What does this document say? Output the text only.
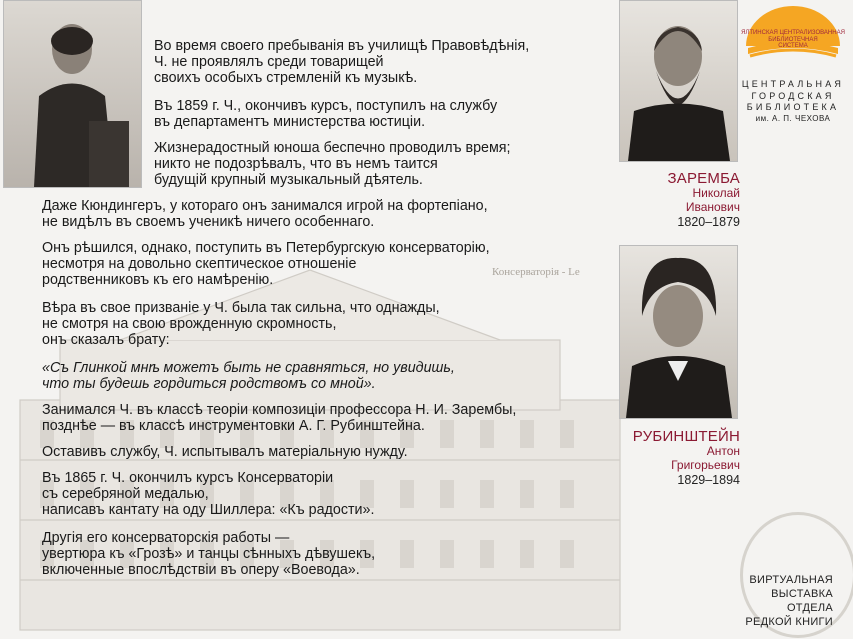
Консерваторія - Le
ЗАРЕМБА
Николай
Иванович
1820–1879
РУБИНШТЕЙН
Антон
Григорьевич
1829–1894
ЯЛТИНСКАЯ ЦЕНТРАЛИЗОВАННАЯ
БИБЛИОТЕЧНАЯ
СИСТЕМА
ЦЕНТРАЛЬНАЯ
ГОРОДСКАЯ
БИБЛИОТЕКА
им. А. П. ЧЕХОВА
ВИРТУАЛЬНАЯ
ВЫСТАВКА
ОТДЕЛА
РЕДКОЙ КНИГИ
Во время своего пребыванія въ училищѣ Правовѣдѣнія,
Ч. не проявлялъ среди товарищей
своихъ особыхъ стремленій къ музыкѣ.
Въ 1859 г. Ч., окончивъ курсъ, поступилъ на службу
въ департаментъ министерства юстиціи.
Жизнерадостный юноша беспечно проводилъ время;
никто не подозрѣвалъ, что въ немъ таится
будущій крупный музыкальный дѣятель.
Даже Кюндингеръ, у котораго онъ занимался игрой на фортепіано,
не видѣлъ въ своемъ ученикѣ ничего особеннаго.
Онъ рѣшился, однако, поступить въ Петербургскую консерваторію,
несмотря на довольно скептическое отношеніе
родственниковъ къ его намѣренію.
Вѣра въ свое призваніе у Ч. была так сильна, что однажды,
не смотря на свою врожденную скромность,
онъ сказалъ брату:
«Съ Глинкой мнѣ можетъ быть не сравняться, но увидишь,
что ты будешь гордиться родствомъ со мной».
Занимался Ч. въ классѣ теоріи композиціи профессора Н. И. Зарембы,
позднѣе — въ классѣ инструментовки А. Г. Рубинштейна.
Оставивъ службу, Ч. испытывалъ матеріальную нужду.
Въ 1865 г. Ч. окончилъ курсъ Консерваторіи
съ серебряной медалью,
написавъ кантату на оду Шиллера: «Къ радости».
Другія его консерваторскія работы —
увертюра къ «Грозѣ» и танцы сѣнныхъ дѣвушекъ,
включенные впослѣдствіи въ оперу «Воевода».
